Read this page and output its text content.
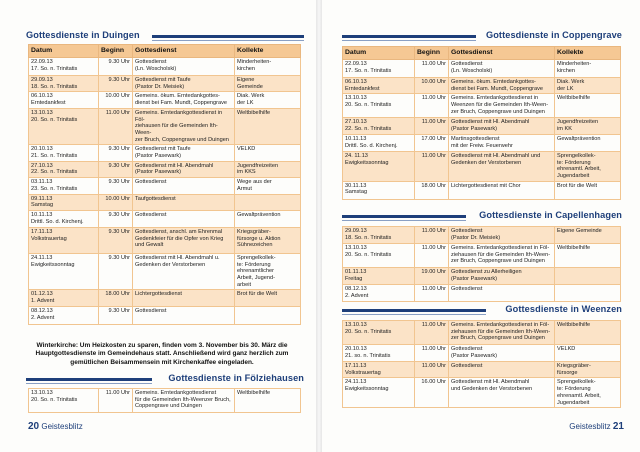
Gottesdienste in Duingen
Datum	Beginn	Gottesdienst	Kollekte
22.09.13
17. So. n. Trinitatis	9.30 Uhr	Gottesdienst
(Ln. Woscholski)	Minderheiten-
kirchen
29.09.13
18. So. n. Trinitatis	9.30 Uhr	Gottesdienst mit Taufe
(Pastor Dr. Meisiek)	Eigene
Gemeinde
06.10.13
Erntedankfest	10.00 Uhr	Gemeins. ökum. Erntedankgottes-
dienst bei Fam. Mundt, Coppengrave	Diak. Werk
der LK
13.10.13
20. So. n. Trinitatis	11.00 Uhr	Gemeins. Erntedankgottesdienst in Föl-
ziehausen für die Gemeinden Ith-Ween-
zer Bruch, Coppengrave und Duingen	Weltbibelhilfe
20.10.13
21. So. n. Trinitatis	9.30 Uhr	Gottesdienst mit Taufe
(Pastor Pasewark)	VELKD
27.10.13
22. So. n. Trinitatis	9.30 Uhr	Gottesdienst mit Hl. Abendmahl
(Pastor Pasewark)	Jugendfreizeiten
im KKS
03.11.13
23. So. n. Trinitatis	9.30 Uhr	Gottesdienst	Wege aus der
Armut
09.11.13
Samstag	10.00 Uhr	Taufgottesdienst	
10.11.13
Drittl. So. d. Kirchenj.	9.30 Uhr	Gottesdienst	Gewaltprävention
17.11.13
Volkstrauertag	9.30 Uhr	Gottesdienst, anschl. am Ehrenmal
Gedenkfeier für die Opfer von Krieg
und Gewalt	Kriegsgräber-
fürsorge u. Aktion
Sühnezeichen
24.11.13
Ewigkeitssonntag	9.30 Uhr	Gottesdienst mit Hl. Abendmahl u.
Gedenken der Verstorbenen	Sprengelkollek-
te: Förderung
ehrenamtlicher
Arbeit, Jugend-
arbeit
01.12.13
1. Advent	18.00 Uhr	Lichtergottesdienst	Brot für die Welt
08.12.13
2. Advent	9.30 Uhr	Gottesdienst	
Winterkirche: Um Heizkosten zu sparen, finden vom 3. November bis 30. März die Hauptgottesdienste im Gemeindehaus statt. Anschließend wird ganz herzlich zum gemütlichen Beisammensein mit Kirchenkaffee eingeladen.
Gottesdienste in Fölziehausen
13.10.13
20. So. n. Trinitatis	11.00 Uhr	Gemeins. Erntedankgottesdienst
für die Gemeinden Ith-Weenzer Bruch,
Coppengrave und Duingen	Weltbibelhilfe
20 Geistesblitz
Gottesdienste in Coppengrave
Datum	Beginn	Gottesdienst	Kollekte
22.09.13
17. So. n. Trinitatis	11.00 Uhr	Gottesdienst
(Ln. Woscholski)	Minderheiten-
kirchen
06.10.13
Erntedankfest	10.00 Uhr	Gemeins. ökum. Erntedankgottes-
dienst bei Fam. Mundt, Coppengrave	Diak. Werk
der LK
13.10.13
20. So. n. Trinitatis	11.00 Uhr	Gemeins. Erntedankgottesdienst in
Weenzen für die Gemeinden Ith-Ween-
zer Bruch, Coppengrave und Duingen	Weltbibelhilfe
27.10.13
22. So. n. Trinitatis	11.00 Uhr	Gottesdienst mit Hl. Abendmahl
(Pastor Pasewark)	Jugendfreizeiten
im KK
10.11.13
Drittl. So. d. Kirchenj.	17.00 Uhr	Martinsgottesdienst
mit der Freiw. Feuerwehr	Gewaltprävention
24. 11.13
Ewigkeitssonntag	11.00 Uhr	Gottesdienst mit Hl. Abendmahl und
Gedenken der Verstorbenen	Sprengelkollek-
te: Förderung
ehrenamtl. Arbeit,
Jugendarbeit
30.11.13
Samstag	18.00 Uhr	Lichtergottesdienst mit Chor	Brot für die Welt
Gottesdienste in Capellenhagen
29.09.13
18. So. n. Trinitatis	11.00 Uhr	Gottesdienst
(Pastor Dr. Meisiek)	Eigene Gemeinde
13.10.13
20. So. n. Trinitatis	11.00 Uhr	Gemeins. Erntedankgottesdienst in Föl-
ziehausen für die Gemeinden Ith-Ween-
zer Bruch, Coppengrave und Duingen	Weltbibelhilfe
01.11.13
Freitag	19.00 Uhr	Gottesdienst zu Allerheiligen
(Pastor Pasewark)	
08.12.13
2. Advent	11.00 Uhr	Gottesdienst	
Gottesdienste in Weenzen
13.10.13
20. So. n. Trinitatis	11.00 Uhr	Gemeins. Erntedankgottesdienst in Föl-
ziehausen für die Gemeinden Ith-Ween-
zer Bruch, Coppengrave und Duingen	Weltbibelhilfe
20.10.13
21. so. n. Trinitatis	11.00 Uhr	Gottesdienst
(Pastor Pasewark)	VELKD
17.11.13
Volkstrauertag	11.00 Uhr	Gottesdienst	Kriegsgräber-
fürsorge
24.11.13
Ewigkeitssonntag	16.00 Uhr	Gottesdienst mit Hl. Abendmahl
und Gedenken der Verstorbenen	Sprengelkollek-
te: Förderung
ehrenamtl. Arbeit,
Jugendarbeit
Geistesblitz 21
